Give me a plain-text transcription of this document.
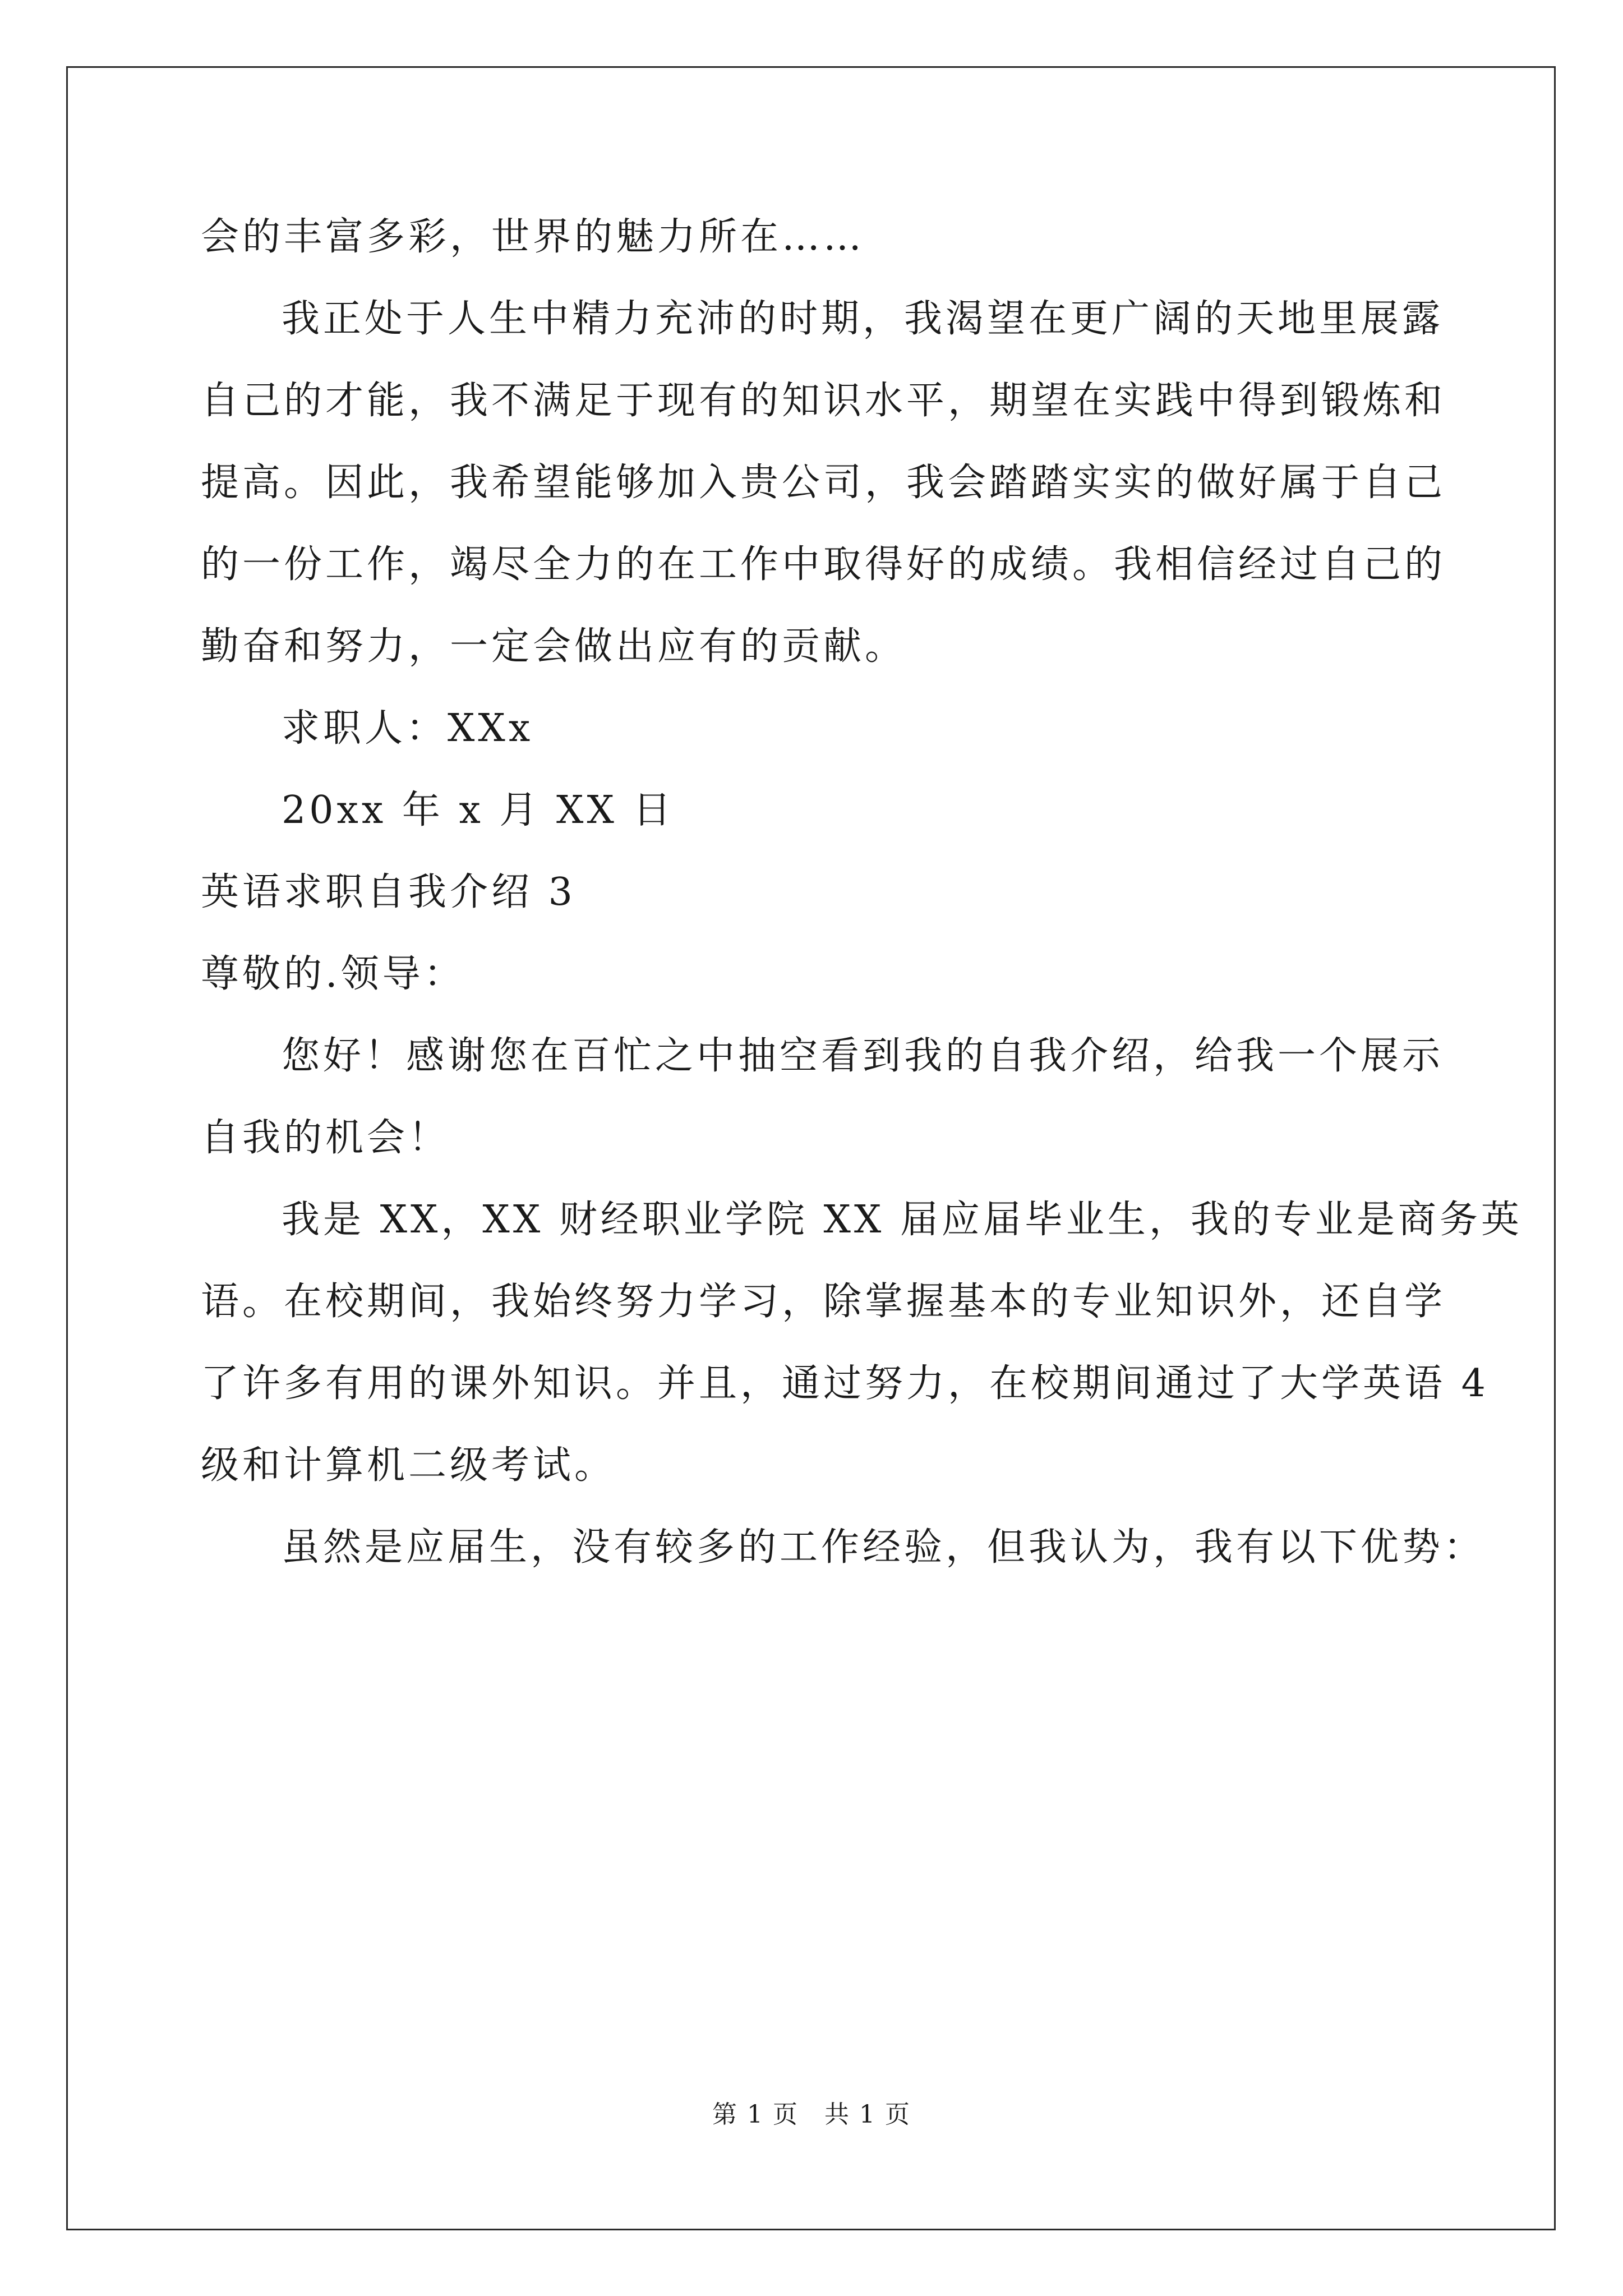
会的丰富多彩，世界的魅力所在……
我正处于人生中精力充沛的时期，我渴望在更广阔的天地里展露
自己的才能，我不满足于现有的知识水平，期望在实践中得到锻炼和
提高。因此，我希望能够加入贵公司，我会踏踏实实的做好属于自己
的一份工作，竭尽全力的在工作中取得好的成绩。我相信经过自己的
勤奋和努力，一定会做出应有的贡献。
求职人：XXx
20xx 年 x 月 XX 日
英语求职自我介绍 3
尊敬的.领导：
您好！感谢您在百忙之中抽空看到我的自我介绍，给我一个展示
自我的机会！
我是 XX，XX 财经职业学院 XX 届应届毕业生，我的专业是商务英
语。在校期间，我始终努力学习，除掌握基本的专业知识外，还自学
了许多有用的课外知识。并且，通过努力，在校期间通过了大学英语 4
级和计算机二级考试。
虽然是应届生，没有较多的工作经验，但我认为，我有以下优势：
第 1 页　共 1 页
